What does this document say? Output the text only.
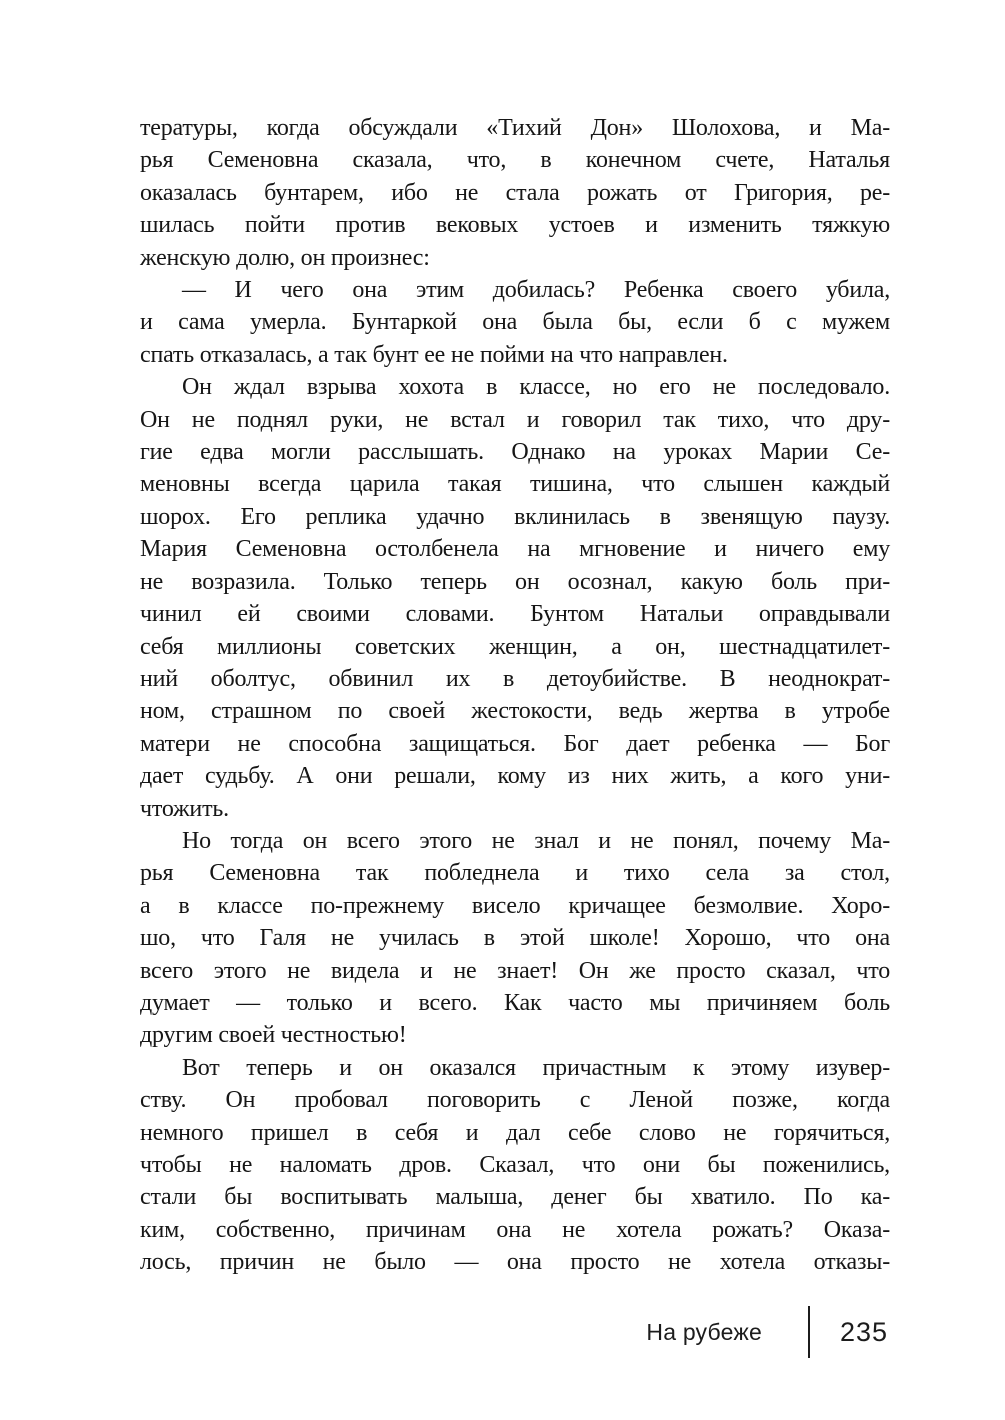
тературы, когда обсуждали «Тихий Дон» Шолохова, и Ма-
рья Семеновна сказала, что, в конечном счете, Наталья
оказалась бунтарем, ибо не стала рожать от Григория, ре-
шилась пойти против вековых устоев и изменить тяжкую
женскую долю, он произнес:
— И чего она этим добилась? Ребенка своего убила,
и сама умерла. Бунтаркой она была бы, если б с мужем
спать отказалась, а так бунт ее не пойми на что направлен.
Он ждал взрыва хохота в классе, но его не последовало.
Он не поднял руки, не встал и говорил так тихо, что дру-
гие едва могли расслышать. Однако на уроках Марии Се-
меновны всегда царила такая тишина, что слышен каждый
шорох. Его реплика удачно вклинилась в звенящую паузу.
Мария Семеновна остолбенела на мгновение и ничего ему
не возразила. Только теперь он осознал, какую боль при-
чинил ей своими словами. Бунтом Натальи оправдывали
себя миллионы советских женщин, а он, шестнадцатилет-
ний оболтус, обвинил их в детоубийстве. В неоднократ-
ном, страшном по своей жестокости, ведь жертва в утробе
матери не способна защищаться. Бог дает ребенка — Бог
дает судьбу. А они решали, кому из них жить, а кого уни-
чтожить.
Но тогда он всего этого не знал и не понял, почему Ма-
рья Семеновна так побледнела и тихо села за стол,
а в классе по-прежнему висело кричащее безмолвие. Хоро-
шо, что Галя не училась в этой школе! Хорошо, что она
всего этого не видела и не знает! Он же просто сказал, что
думает — только и всего. Как часто мы причиняем боль
другим своей честностью!
Вот теперь и он оказался причастным к этому изувер-
ству. Он пробовал поговорить с Леной позже, когда
немного пришел в себя и дал себе слово не горячиться,
чтобы не наломать дров. Сказал, что они бы поженились,
стали бы воспитывать малыша, денег бы хватило. По ка-
ким, собственно, причинам она не хотела рожать? Оказа-
лось, причин не было — она просто не хотела отказы-
На рубеже	235
